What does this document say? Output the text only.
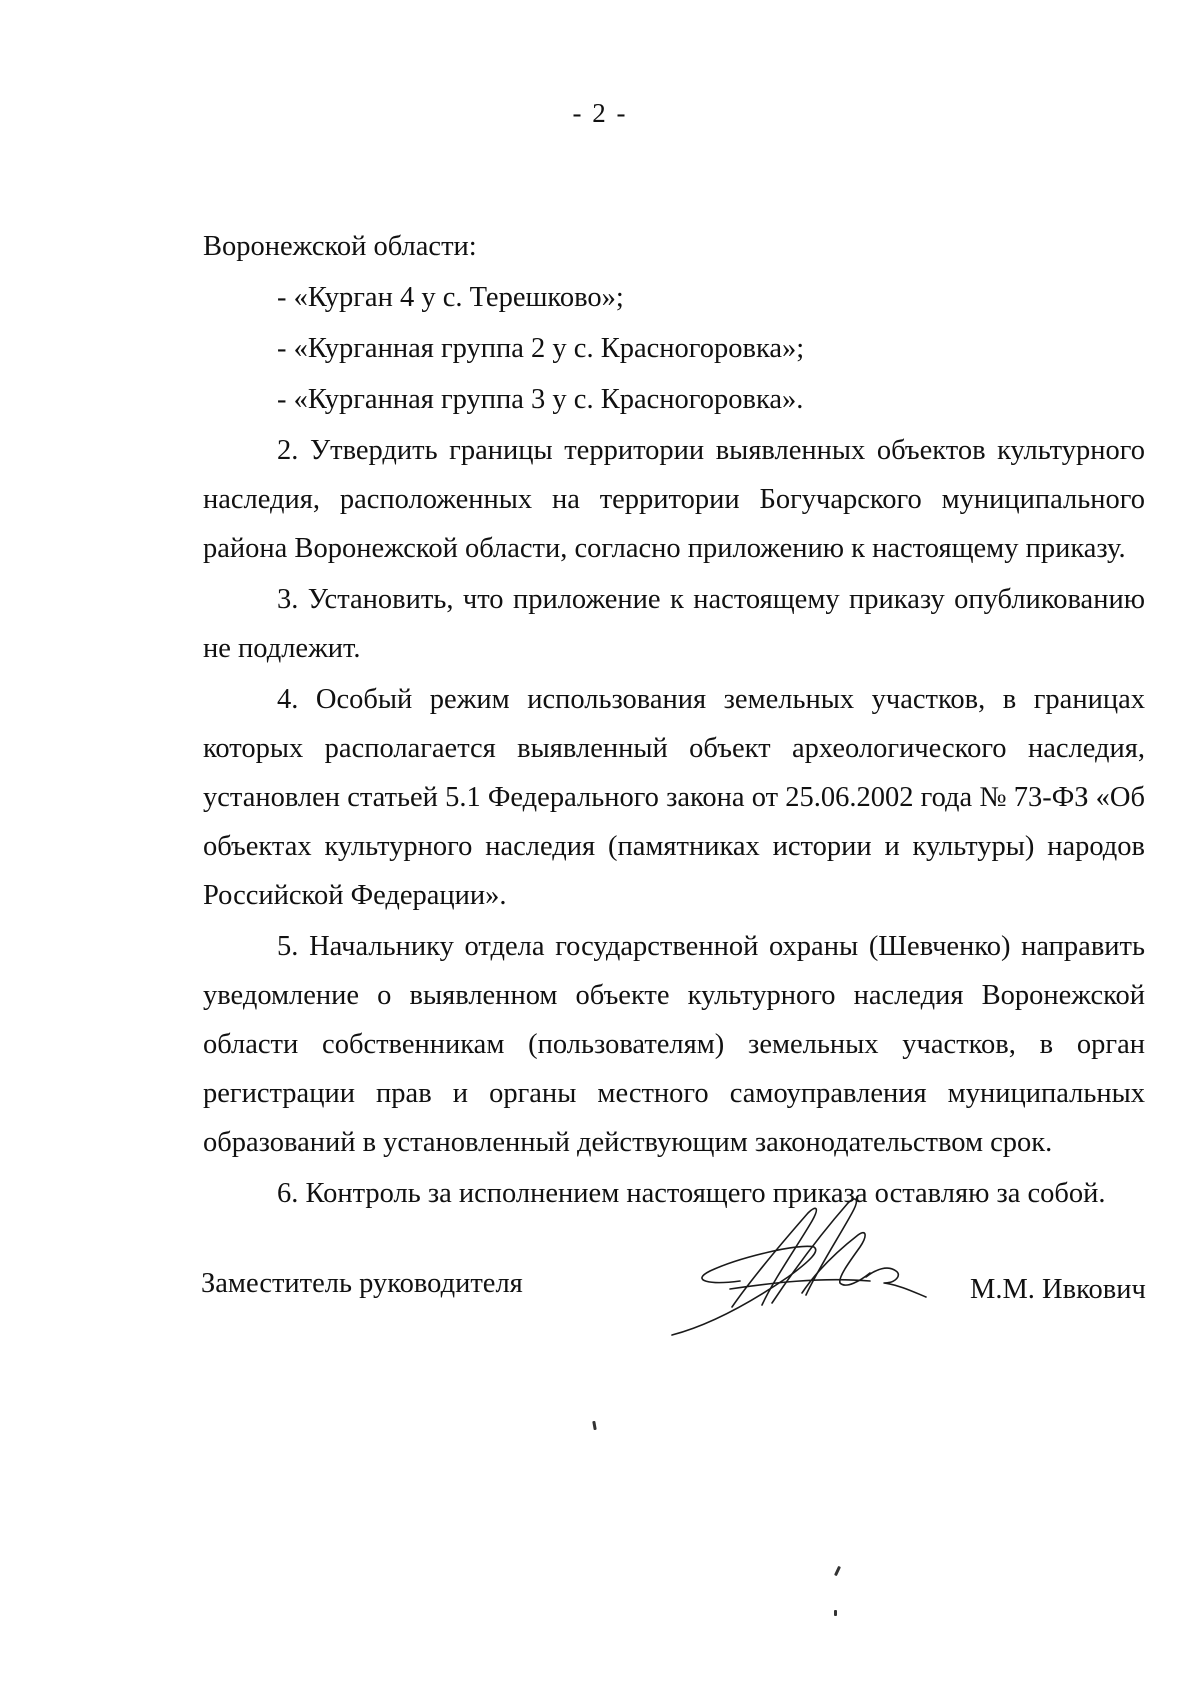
- 2 -

Воронежской области:

- «Курган 4 у с. Терешково»;

- «Курганная группа 2 у с. Красногоровка»;

- «Курганная группа 3 у с. Красногоровка».

2. Утвердить границы территории выявленных объектов культурного наследия, расположенных на территории Богучарского муниципального района Воронежской области, согласно приложению к настоящему приказу.

3. Установить, что приложение к настоящему приказу опубликованию не подлежит.

4. Особый режим использования земельных участков, в границах которых располагается выявленный объект археологического наследия, установлен статьей 5.1 Федерального закона от 25.06.2002 года № 73-ФЗ «Об объектах культурного наследия (памятниках истории и культуры) народов Российской Федерации».

5. Начальнику отдела государственной охраны (Шевченко) направить уведомление о выявленном объекте культурного наследия Воронежской области собственникам (пользователям) земельных участков, в орган регистрации прав и органы местного самоуправления муниципальных образований в установленный действующим законодательством срок.

6. Контроль за исполнением настоящего приказа оставляю за собой.

Заместитель руководителя	М.М. Ивкович
